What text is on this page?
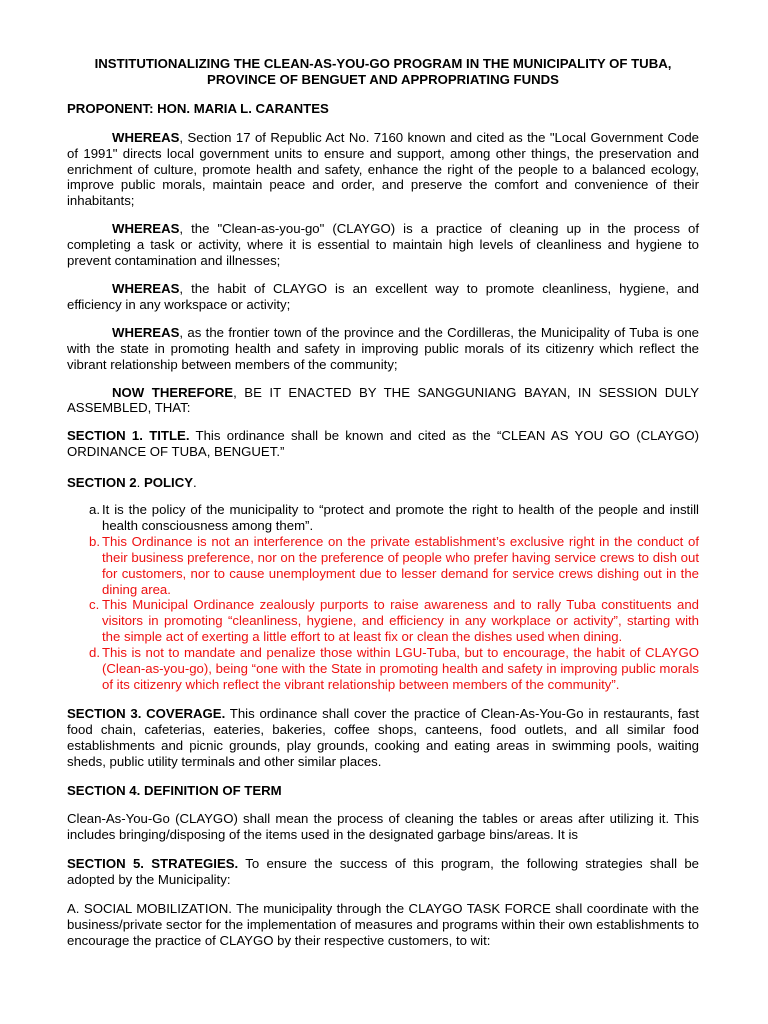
INSTITUTIONALIZING THE CLEAN-AS-YOU-GO PROGRAM IN THE MUNICIPALITY OF TUBA, PROVINCE OF BENGUET AND APPROPRIATING FUNDS

PROPONENT: HON. MARIA L. CARANTES

WHEREAS, Section 17 of Republic Act No. 7160 known and cited as the "Local Government Code of 1991" directs local government units to ensure and support, among other things, the preservation and enrichment of culture, promote health and safety, enhance the right of the people to a balanced ecology, improve public morals, maintain peace and order, and preserve the comfort and convenience of their inhabitants;

WHEREAS, the "Clean-as-you-go" (CLAYGO) is a practice of cleaning up in the process of completing a task or activity, where it is essential to maintain high levels of cleanliness and hygiene to prevent contamination and illnesses;

WHEREAS, the habit of CLAYGO is an excellent way to promote cleanliness, hygiene, and efficiency in any workspace or activity;

WHEREAS, as the frontier town of the province and the Cordilleras, the Municipality of Tuba is one with the state in promoting health and safety in improving public morals of its citizenry which reflect the vibrant relationship between members of the community;

NOW THEREFORE, BE IT ENACTED BY THE SANGGUNIANG BAYAN, IN SESSION DULY ASSEMBLED, THAT:

SECTION 1. TITLE. This ordinance shall be known and cited as the “CLEAN AS YOU GO (CLAYGO) ORDINANCE OF TUBA, BENGUET.”

SECTION 2. POLICY.

a. It is the policy of the municipality to “protect and promote the right to health of the people and instill health consciousness among them”.
b. This Ordinance is not an interference on the private establishment’s exclusive right in the conduct of their business preference, nor on the preference of people who prefer having service crews to dish out for customers, nor to cause unemployment due to lesser demand for service crews dishing out in the dining area.
c. This Municipal Ordinance zealously purports to raise awareness and to rally Tuba constituents and visitors in promoting “cleanliness, hygiene, and efficiency in any workplace or activity”, starting with the simple act of exerting a little effort to at least fix or clean the dishes used when dining.
d. This is not to mandate and penalize those within LGU-Tuba, but to encourage, the habit of CLAYGO (Clean-as-you-go), being “one with the State in promoting health and safety in improving public morals of its citizenry which reflect the vibrant relationship between members of the community”.

SECTION 3. COVERAGE. This ordinance shall cover the practice of Clean-As-You-Go in restaurants, fast food chain, cafeterias, eateries, bakeries, coffee shops, canteens, food outlets, and all similar food establishments and picnic grounds, play grounds, cooking and eating areas in swimming pools, waiting sheds, public utility terminals and other similar places.

SECTION 4. DEFINITION OF TERM

Clean-As-You-Go (CLAYGO) shall mean the process of cleaning the tables or areas after utilizing it. This includes bringing/disposing of the items used in the designated garbage bins/areas. It is

SECTION 5. STRATEGIES. To ensure the success of this program, the following strategies shall be adopted by the Municipality:

A. SOCIAL MOBILIZATION. The municipality through the CLAYGO TASK FORCE shall coordinate with the business/private sector for the implementation of measures and programs within their own establishments to encourage the practice of CLAYGO by their respective customers, to wit:
